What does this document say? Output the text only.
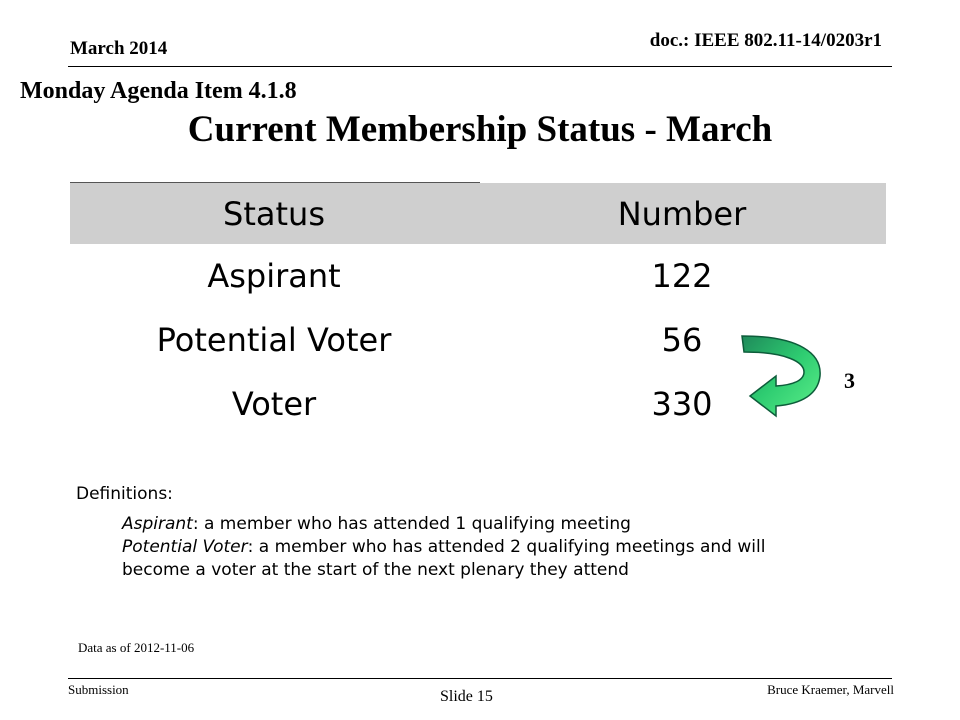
March 2014	doc.: IEEE 802.11-14/0203r1
Monday Agenda Item 4.1.8
Current Membership Status - March
Status	Number
Aspirant	122
Potential Voter	56
Voter	330
3
Definitions:
Aspirant: a member who has attended 1 qualifying meeting
Potential Voter: a member who has attended 2 qualifying meetings and will
become a voter at the start of the next plenary they attend
Data as of 2012-11-06
Submission	Slide 15	Bruce Kraemer, Marvell
